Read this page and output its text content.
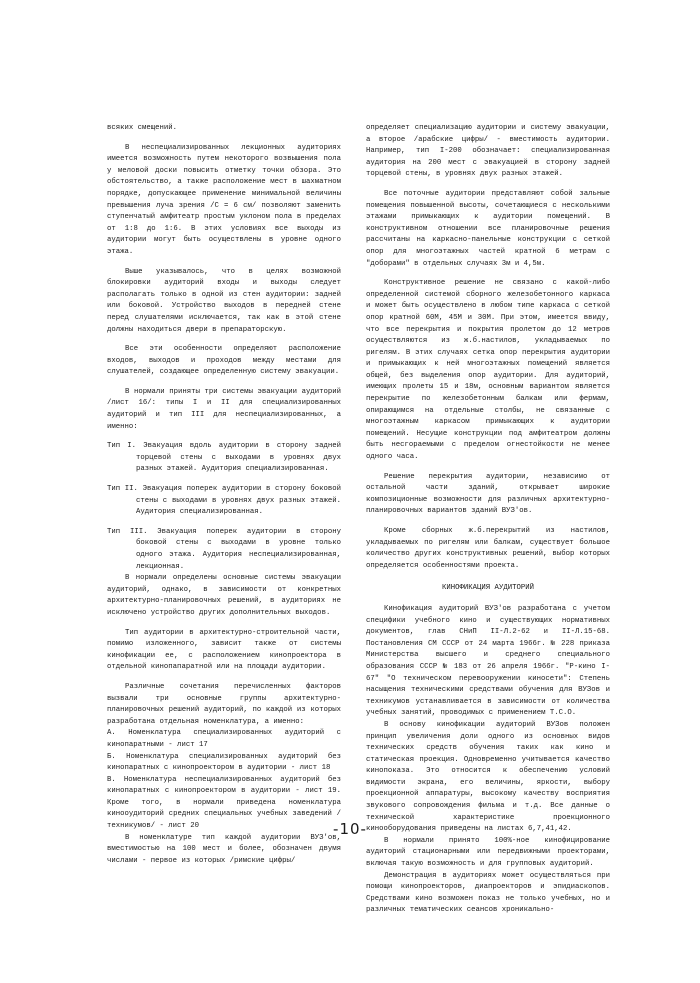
всяких смещений.

В неспециализированных лекционных аудиториях имеется возможность путем некоторого возвышения пола у меловой доски повысить отметку точки обзора. Это обстоятельство, а также расположение мест в шахматном порядке, допускающее применение минимальной величины превышения луча зрения /C = 6 см/ позволяют заменить ступенчатый амфитеатр простым уклоном пола в пределах от 1:8 до 1:6. В этих условиях все выходы из аудитории могут быть осуществлены в уровне одного этажа.

Выше указывалось, что в целях возможной блокировки аудиторий входы и выходы следует располагать только в одной из стен аудитории: задней или боковой. Устройство выходов в передней стене перед слушателями исключается, так как в этой стене должны находиться двери в препараторскую.

Все эти особенности определяют расположение входов, выходов и проходов между местами для слушателей, создающее определенную систему эвакуации.

В нормали приняты три системы эвакуации аудиторий /лист 16/: типы I и II для специализированных аудиторий и тип III для неспециализированных, а именно:

Тип I. Эвакуация вдоль аудитории в сторону задней торцевой стены с выходами в уровнях двух разных этажей. Аудитория специализированная.

Тип II. Эвакуация поперек аудитории в сторону боковой стены с выходами в уровнях двух разных этажей. Аудитория специализированная.

Тип III. Эвакуация поперек аудитории в сторону боковой стены с выходами в уровне только одного этажа. Аудитория неспециализированная, лекционная.

В нормали определены основные системы эвакуации аудиторий, однако, в зависимости от конкретных архитектурно-планировочных решений, в аудиториях не исключено устройство других дополнительных выходов.

Тип аудитории в архитектурно-строительной части, помимо изложенного, зависит также от системы кинофикации ее, с расположением кинопроектора в отдельной кинопапаратной или на площади аудитории.

Различные сочетания перечисленных факторов вызвали три основные группы архитектурно-планировочных решений аудиторий, по каждой из которых разработана отдельная номенклатура, а именно:

А. Номенклатура специализированных аудиторий с кинопаратными - лист 17

Б. Номенклатура специализированных аудиторий без кинопаратных с кинопроектором в аудитории - лист 18

В. Номенклатура неспециализированных аудиторий без кинопаратных с кинопроектором в аудитории - лист 19. Кроме того, в нормали приведена номенклатура кинооудиторий средних специальных учебных заведений /техникумов/ - лист 20

В номенклатуре тип каждой аудитории ВУЗ'ов, вместимостью на 100 мест и более, обозначен двумя числами - первое из которых /римские цифры/

определяет специализацию аудитории и систему эвакуации, а второе /арабские цифры/ - вместимость аудитории. Например, тип I-200 обозначает: специализированная аудитория на 200 мест с эвакуацией в сторону задней торцевой стены, в уровнях двух разных этажей.

Все поточные аудитории представляют собой зальные помещения повышенной высоты, сочетающиеся с несколькими этажами примыкающих к аудитории помещений. В конструктивном отношении все планировочные решения рассчитаны на каркасно-панельные конструкции с сеткой опор для многоэтажных частей кратной 6 метрам с "доборами" в отдельных случаях 3м и 4,5м.

Конструктивное решение не связано с какой-либо определенной системой сборного железобетонного каркаса и может быть осуществлено в любом типе каркаса с сеткой опор кратной 60М, 45М и 30М. При этом, имеется ввиду, что все перекрытия и покрытия пролетом до 12 метров осуществляются из ж.б.настилов, укладываемых по ригелям. В этих случаях сетка опор перекрытия аудитории и примыкающих к ней многоэтажных помещений является общей, без выделения опор аудитории. Для аудиторий, имеющих пролеты 15 и 18м, основным вариантом является перекрытие по железобетонным балкам или фермам, опирающимся на отдельные столбы, не связанные с многоэтажным каркасом примыкающих к аудитории помещений. Несущие конструкции под амфитеатром должны быть несгораемыми с пределом огнестойкости не менее одного часа.

Решение перекрытия аудитории, независимо от остальной части зданий, открывает широкие композиционные возможности для различных архитектурно-планировочных вариантов зданий ВУЗ'ов.

Кроме сборных ж.б.перекрытий из настилов, укладываемых по ригелям или балкам, существует большое количество других конструктивных решений, выбор которых определяется особенностями проекта.

КИНОФИКАЦИЯ АУДИТОРИЙ

Кинофикация аудиторий ВУЗ'ов разработана с учетом специфики учебного кино и существующих нормативных документов, глав СНиП II-Л.2-62 и II-Л.15-68. Постановления СМ СССР от 24 марта 1966г. № 228 приказа Министерства высшего и среднего специального образования СССР № 183 от 26 апреля 1966г. "Р-кино I-67" "О техническом перевооружении киносети": Степень насыщения техническими средствами обучения для ВУЗов и техникумов устанавливается в зависимости от количества учебных занятий, проводимых с применением Т.С.О.

В основу кинофикации аудиторий ВУЗов положен принцип увеличения доли одного из основных видов технических средств обучения таких как кино и статическая проекция. Одновременно учитывается качество кинопоказа. Это относится к обеспечению условий видимости экрана, его величины, яркости, выбору проекционной аппаратуры, высокому качеству восприятия звукового сопровождения фильма и т.д. Все данные о технической характеристике проекционного кинооборудования приведены на листах 6,7,41,42.

В нормали принято 100%-ное кинофицирование аудиторий стационарными или передвижными проекторами, включая такую возможность и для групповых аудиторий.

Демонстрация в аудиториях может осуществляться при помощи кинопроекторов, диапроекторов и эпидиаскопов. Средствами кино возможен показ не только учебных, но и различных тематических сеансов хроникально-

-10-
